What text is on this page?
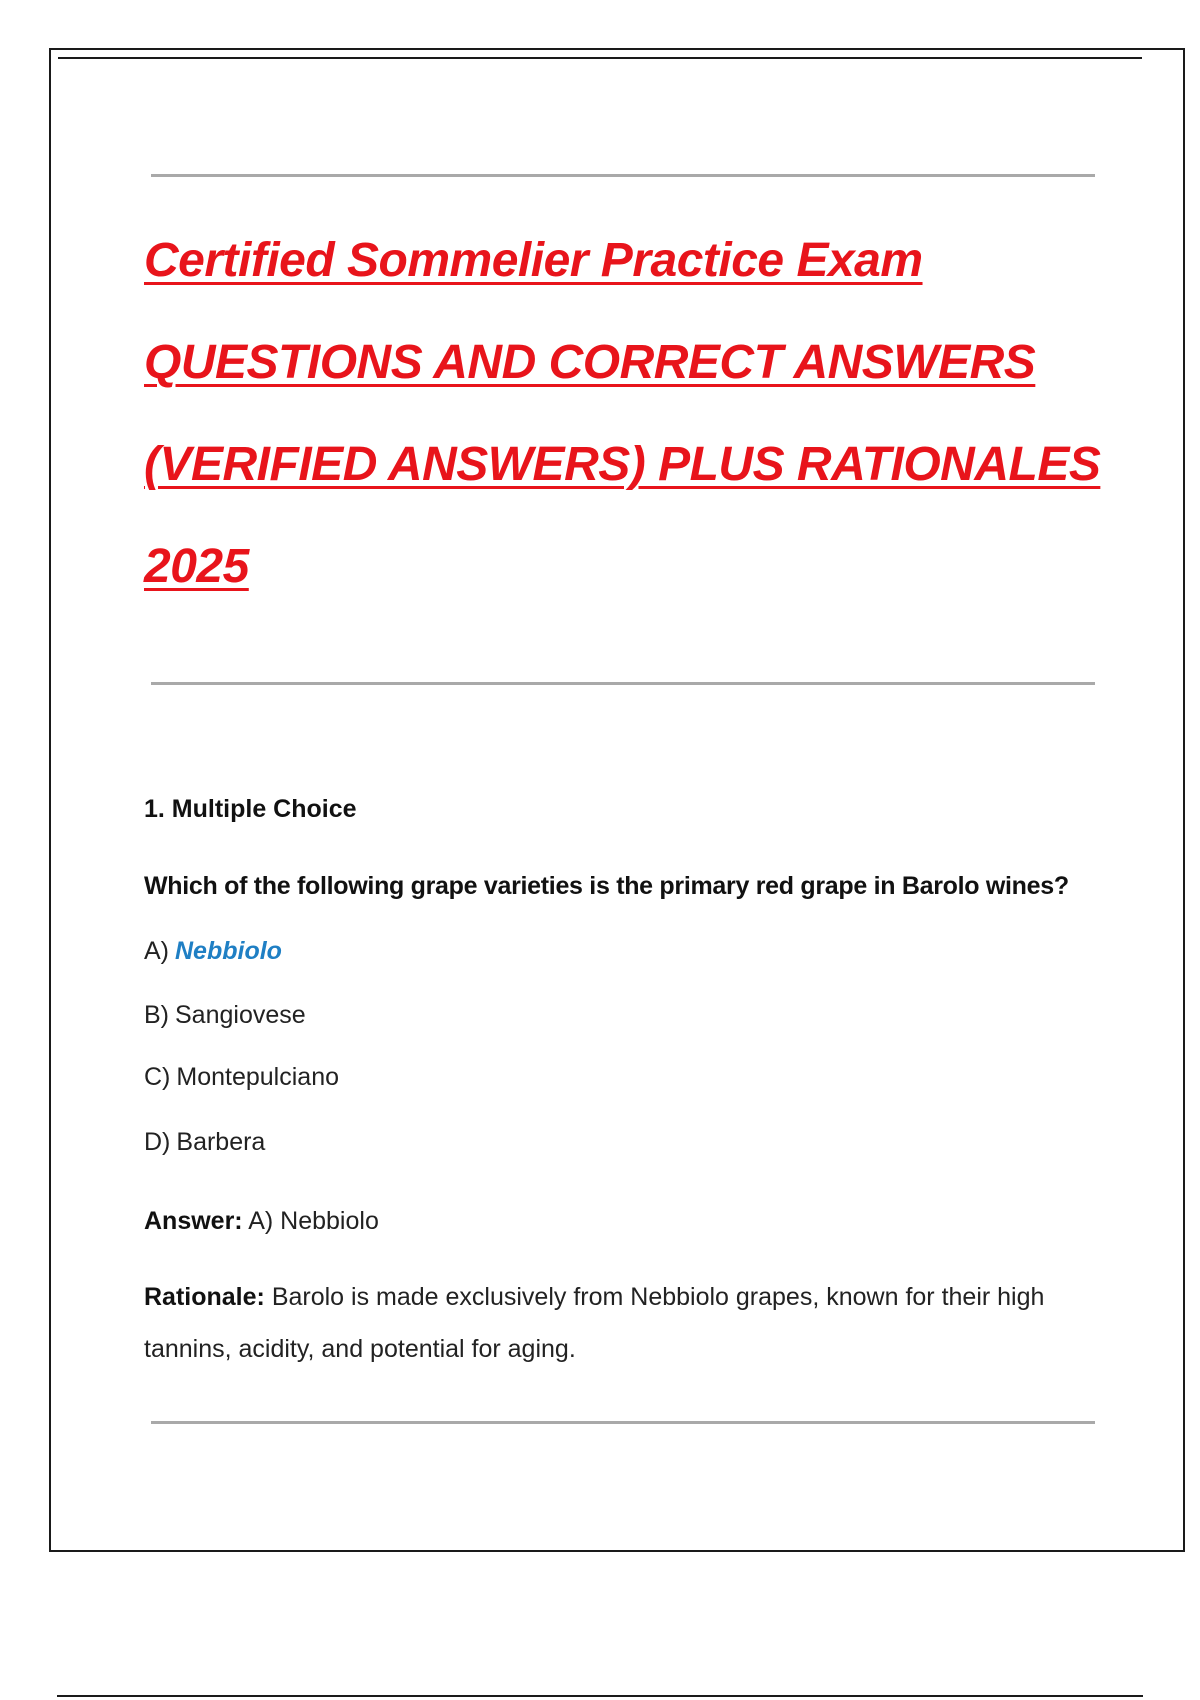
Certified Sommelier Practice Exam
QUESTIONS AND CORRECT ANSWERS
(VERIFIED ANSWERS) PLUS RATIONALES
2025
1. Multiple Choice
Which of the following grape varieties is the primary red grape in Barolo wines?
A) Nebbiolo
B) Sangiovese
C) Montepulciano
D) Barbera
Answer: A) Nebbiolo
Rationale: Barolo is made exclusively from Nebbiolo grapes, known for their high tannins, acidity, and potential for aging.
